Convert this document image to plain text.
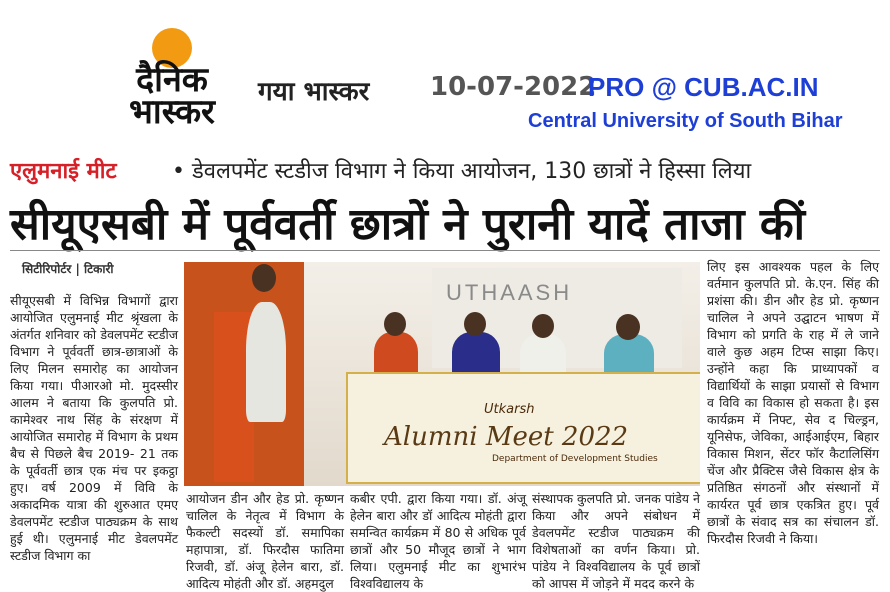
दैनिक भास्कर	गया भास्कर 10-07-2022
PRO @ CUB.AC.IN
Central University of South Bihar
एलुमनाई मीट	• डेवलपमेंट स्टडीज विभाग ने किया आयोजन, 130 छात्रों ने हिस्सा लिया
सीयूएसबी में पूर्ववर्ती छात्रों ने पुरानी यादें ताजा कीं
सिटीरिपोर्टर | टिकारी
सीयूएसबी में विभिन्न विभागों द्वारा आयोजित एलुमनाई मीट श्रृंखला के अंतर्गत शनिवार को डेवलपमेंट स्टडीज विभाग ने पूर्ववर्ती छात्र-छात्राओं के लिए मिलन समारोह का आयोजन किया गया। पीआरओ मो. मुदस्सीर आलम ने बताया कि कुलपति प्रो. कामेश्वर नाथ सिंह के संरक्षण में आयोजित समारोह में विभाग के प्रथम बैच से पिछले बैच 2019- 21 तक के पूर्ववर्ती छात्र एक मंच पर इकट्ठा हुए। वर्ष 2009 में विवि के अकादमिक यात्रा की शुरुआत एमए डेवलपमेंट स्टडीज पाठ्यक्रम के साथ हुई थी। एलुमनाई मीट डेवलपमेंट स्टडीज विभाग का
UTHAASH
Utkarsh
Alumni Meet 2022
Department of Development Studies
आयोजन डीन और हेड प्रो. कृष्णन चालिल के नेतृत्व में विभाग के फैकल्टी सदस्यों डॉ. समापिका महापात्रा, डॉ. फिरदौस फातिमा रिजवी, डॉ. अंजू हेलेन बारा, डॉ. आदित्य मोहंती और डॉ. अहमदुल
कबीर एपी. द्वारा किया गया। डॉ. अंजू हेलेन बारा और डॉ आदित्य मोहंती द्वारा समन्वित कार्यक्रम में 80 से अधिक पूर्व छात्रों और 50 मौजूद छात्रों ने भाग लिया। एलुमनाई मीट का शुभारंभ विश्वविद्यालय के
संस्थापक कुलपति प्रो. जनक पांडेय ने किया और अपने संबोधन में डेवलपमेंट स्टडीज पाठ्यक्रम की विशेषताओं का वर्णन किया। प्रो. पांडेय ने विश्वविद्यालय के पूर्व छात्रों को आपस में जोड़ने में मदद करने के
लिए इस आवश्यक पहल के लिए वर्तमान कुलपति प्रो. के.एन. सिंह की प्रशंसा की। डीन और हेड प्रो. कृष्णन चालिल ने अपने उद्घाटन भाषण में विभाग को प्रगति के राह में ले जाने वाले कुछ अहम टिप्स साझा किए। उन्होंने कहा कि प्राध्यापकों व विद्यार्थियों के साझा प्रयासों से विभाग व विवि का विकास हो सकता है। इस कार्यक्रम में निफ्ट, सेव द चिल्ड्रन, यूनिसेफ, जेविका, आईआईएम, बिहार विकास मिशन, सेंटर फॉर कैटालिसिंग चेंज और प्रैक्टिस जैसे विकास क्षेत्र के प्रतिष्ठित संगठनों और संस्थानों में कार्यरत पूर्व छात्र एकत्रित हुए। पूर्व छात्रों के संवाद सत्र का संचालन डॉ. फिरदौस रिजवी ने किया।
